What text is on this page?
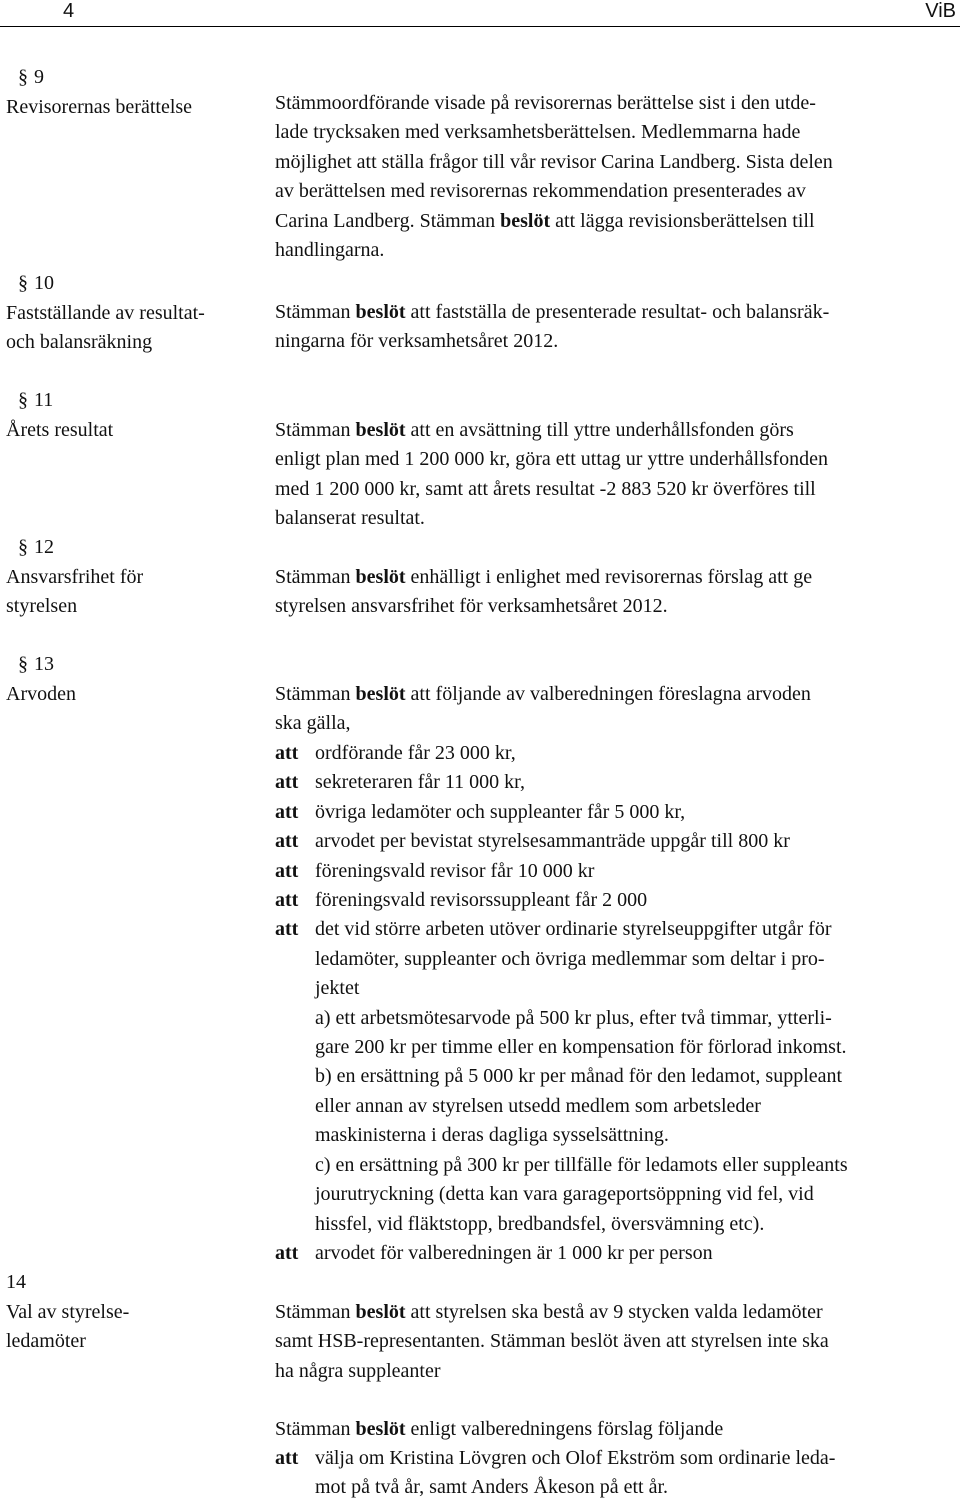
4	ViB
§ 9
Revisorernas berättelse
§ 10
Fastställande av resultat-
och balansräkning
§ 11
Årets resultat
§ 12
Ansvarsfrihet för
styrelsen
§ 13
Arvoden
14
Val av styrelse-
ledamöter
Stämmoordförande visade på revisorernas berättelse sist i den utde-
lade trycksaken med verksamhetsberättelsen. Medlemmarna hade
möjlighet att ställa frågor till vår revisor Carina Landberg. Sista delen
av berättelsen med revisorernas rekommendation presenterades av
Carina Landberg. Stämman beslöt att lägga revisionsberättelsen till
handlingarna.
Stämman beslöt att fastställa de presenterade resultat- och balansräk-
ningarna för verksamhetsåret 2012.
Stämman beslöt att en avsättning till yttre underhållsfonden görs
enligt plan med 1 200 000 kr, göra ett uttag ur yttre underhållsfonden
med 1 200 000 kr, samt att årets resultat -2 883 520 kr överföres till
balanserat resultat.
Stämman beslöt enhälligt i enlighet med revisorernas förslag att ge
styrelsen ansvarsfrihet för verksamhetsåret 2012.
Stämman beslöt att följande av valberedningen föreslagna arvoden
ska gälla,
att ordförande får 23 000 kr,
att sekreteraren får 11 000 kr,
att övriga ledamöter och suppleanter får 5 000 kr,
att arvodet per bevistat styrelsesammanträde uppgår till 800 kr
att föreningsvald revisor får 10 000 kr
att föreningsvald revisorssuppleant får 2 000
att det vid större arbeten utöver ordinarie styrelseuppgifter utgår för
ledamöter, suppleanter och övriga medlemmar som deltar i pro-
jektet
a) ett arbetsmötesarvode på 500 kr plus, efter två timmar, ytterli-
gare 200 kr per timme eller en kompensation för förlorad inkomst.
b) en ersättning på 5 000 kr per månad för den ledamot, suppleant
eller annan av styrelsen utsedd medlem som arbetsleder
maskinisterna i deras dagliga sysselsättning.
c) en ersättning på 300 kr per tillfälle för ledamots eller suppleants
jourutryckning (detta kan vara garageportsöppning vid fel, vid
hissfel, vid fläktstopp, bredbandsfel, översvämning etc).
att arvodet för valberedningen är 1 000 kr per person
Stämman beslöt att styrelsen ska bestå av 9 stycken valda ledamöter
samt HSB-representanten. Stämman beslöt även att styrelsen inte ska
ha några suppleanter
Stämman beslöt enligt valberedningens förslag följande
att välja om Kristina Lövgren och Olof Ekström som ordinarie leda-
mot på två år, samt Anders Åkeson på ett år.
